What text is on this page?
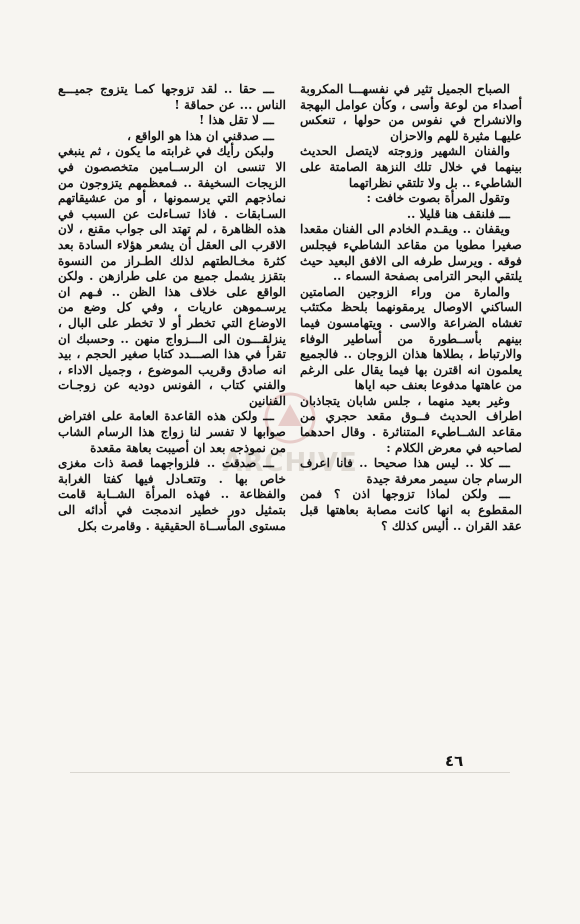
ARCHIVE

الصباح الجميل تثير في نفسهـــا المكروبة أصداء من لوعة وأسى ، وكأن عوامل البهجة والانشراح في نفوس من حولها ، تنعكس عليهـا مثيرة للهم والاحزان

والفنان الشهير وزوجته لايتصل الحديث بينهما في خلال تلك النزهة الصامتة على الشاطيء .. بل ولا تلتقي نظراتهما

وتقول المرأة بصوت خافت :

ـــ فلنقف هنا قليلا ..

ويقفان .. ويقـدم الخادم الى الفنان مقعدا صغيرا مطويا من مقاعد الشاطيء فيجلس فوقه . ويرسل طرفه الى الافق البعيد حيث يلتقي البحر الترامى بصفحة السماء ..

والمارة من وراء الزوجين الصامتين الساكني الاوصال يرمقونهما بلحظ مكتئب تغشاه الضراعة والاسى . ويتهامسون فيما بينهم بأســطورة من أساطير الوفاء والارتباط ، بطلاها هذان الزوجان .. فالجميع يعلمون انه اقترن بها فيما يقال على الرغم من عاهتها مدفوعا بعنف حبه اياها

وغير بعيد منهما ، جلس شابان يتجاذبان اطراف الحديث فــوق مقعد حجري من مقاعد الشــاطيء المتناثرة . وقال احدهما لصاحبه في معرض الكلام :

ـــ كلا .. ليس هذا صحيحا .. فانا اعرف الرسام جان سيمر معرفة جيدة

ـــ ولكن لماذا تزوجها اذن ؟ فمن المقطوع به انها كانت مصابة بعاهتها قبل عقد القران .. أليس كذلك ؟

ـــ حقا .. لقد تزوجها كمـا يتزوج جميـــع الناس ... عن حماقة !

ـــ لا تقل هذا !

ـــ صدقني ان هذا هو الواقع ،

ولبكن رأيك في غرابته ما يكون ، ثم ينبغي الا تنسى ان الرســامين متخصصون في الزيجات السخيفة .. فمعظمهم يتزوجون من نماذجهم التي يرسمونها ، أو من عشيقاتهم السـابقات . فاذا تسـاءلت عن السبب في هذه الظاهرة ، لم تهتد الى جواب مقنع ، لان الاقرب الى العقل أن يشعر هؤلاء السادة بعد كثرة مخـالطتهم لذلك الطـراز من النسوة بتقزز يشمل جميع من على طرازهن . ولكن الواقع على خلاف هذا الظن .. فـهم ان يرسـموهن عاريات ، وفي كل وضع من الاوضاع التي تخطر أو لا تخطر على البال ، ينزلقـــون الى الـــزواج منهن .. وحسبك ان تقرأ في هذا الصـــدد كتابا صغير الحجم ، بيد انه صادق وقريب الموضوع ، وجميل الاداء ، والفني كتاب ، الفونس دوديه عن زوجـات الفنانين

ـــ ولكن هذه القاعدة العامة على افتراض صوابها لا تفسر لنا زواج هذا الرسام الشاب من نموذجه بعد ان أصيبت بعاهة مقعدة

ـــ صدقت .. فلزواجهما قصة ذات مغزى خاص بها . وتتعـادل فيها كفتا الغرابة والفظاعة .. فهذه المرأة الشــابة قامت بتمثيل دور خطير اندمجت في أدائه الى مستوى المأســاة الحقيقية . وقامرت بكل

٤٦
